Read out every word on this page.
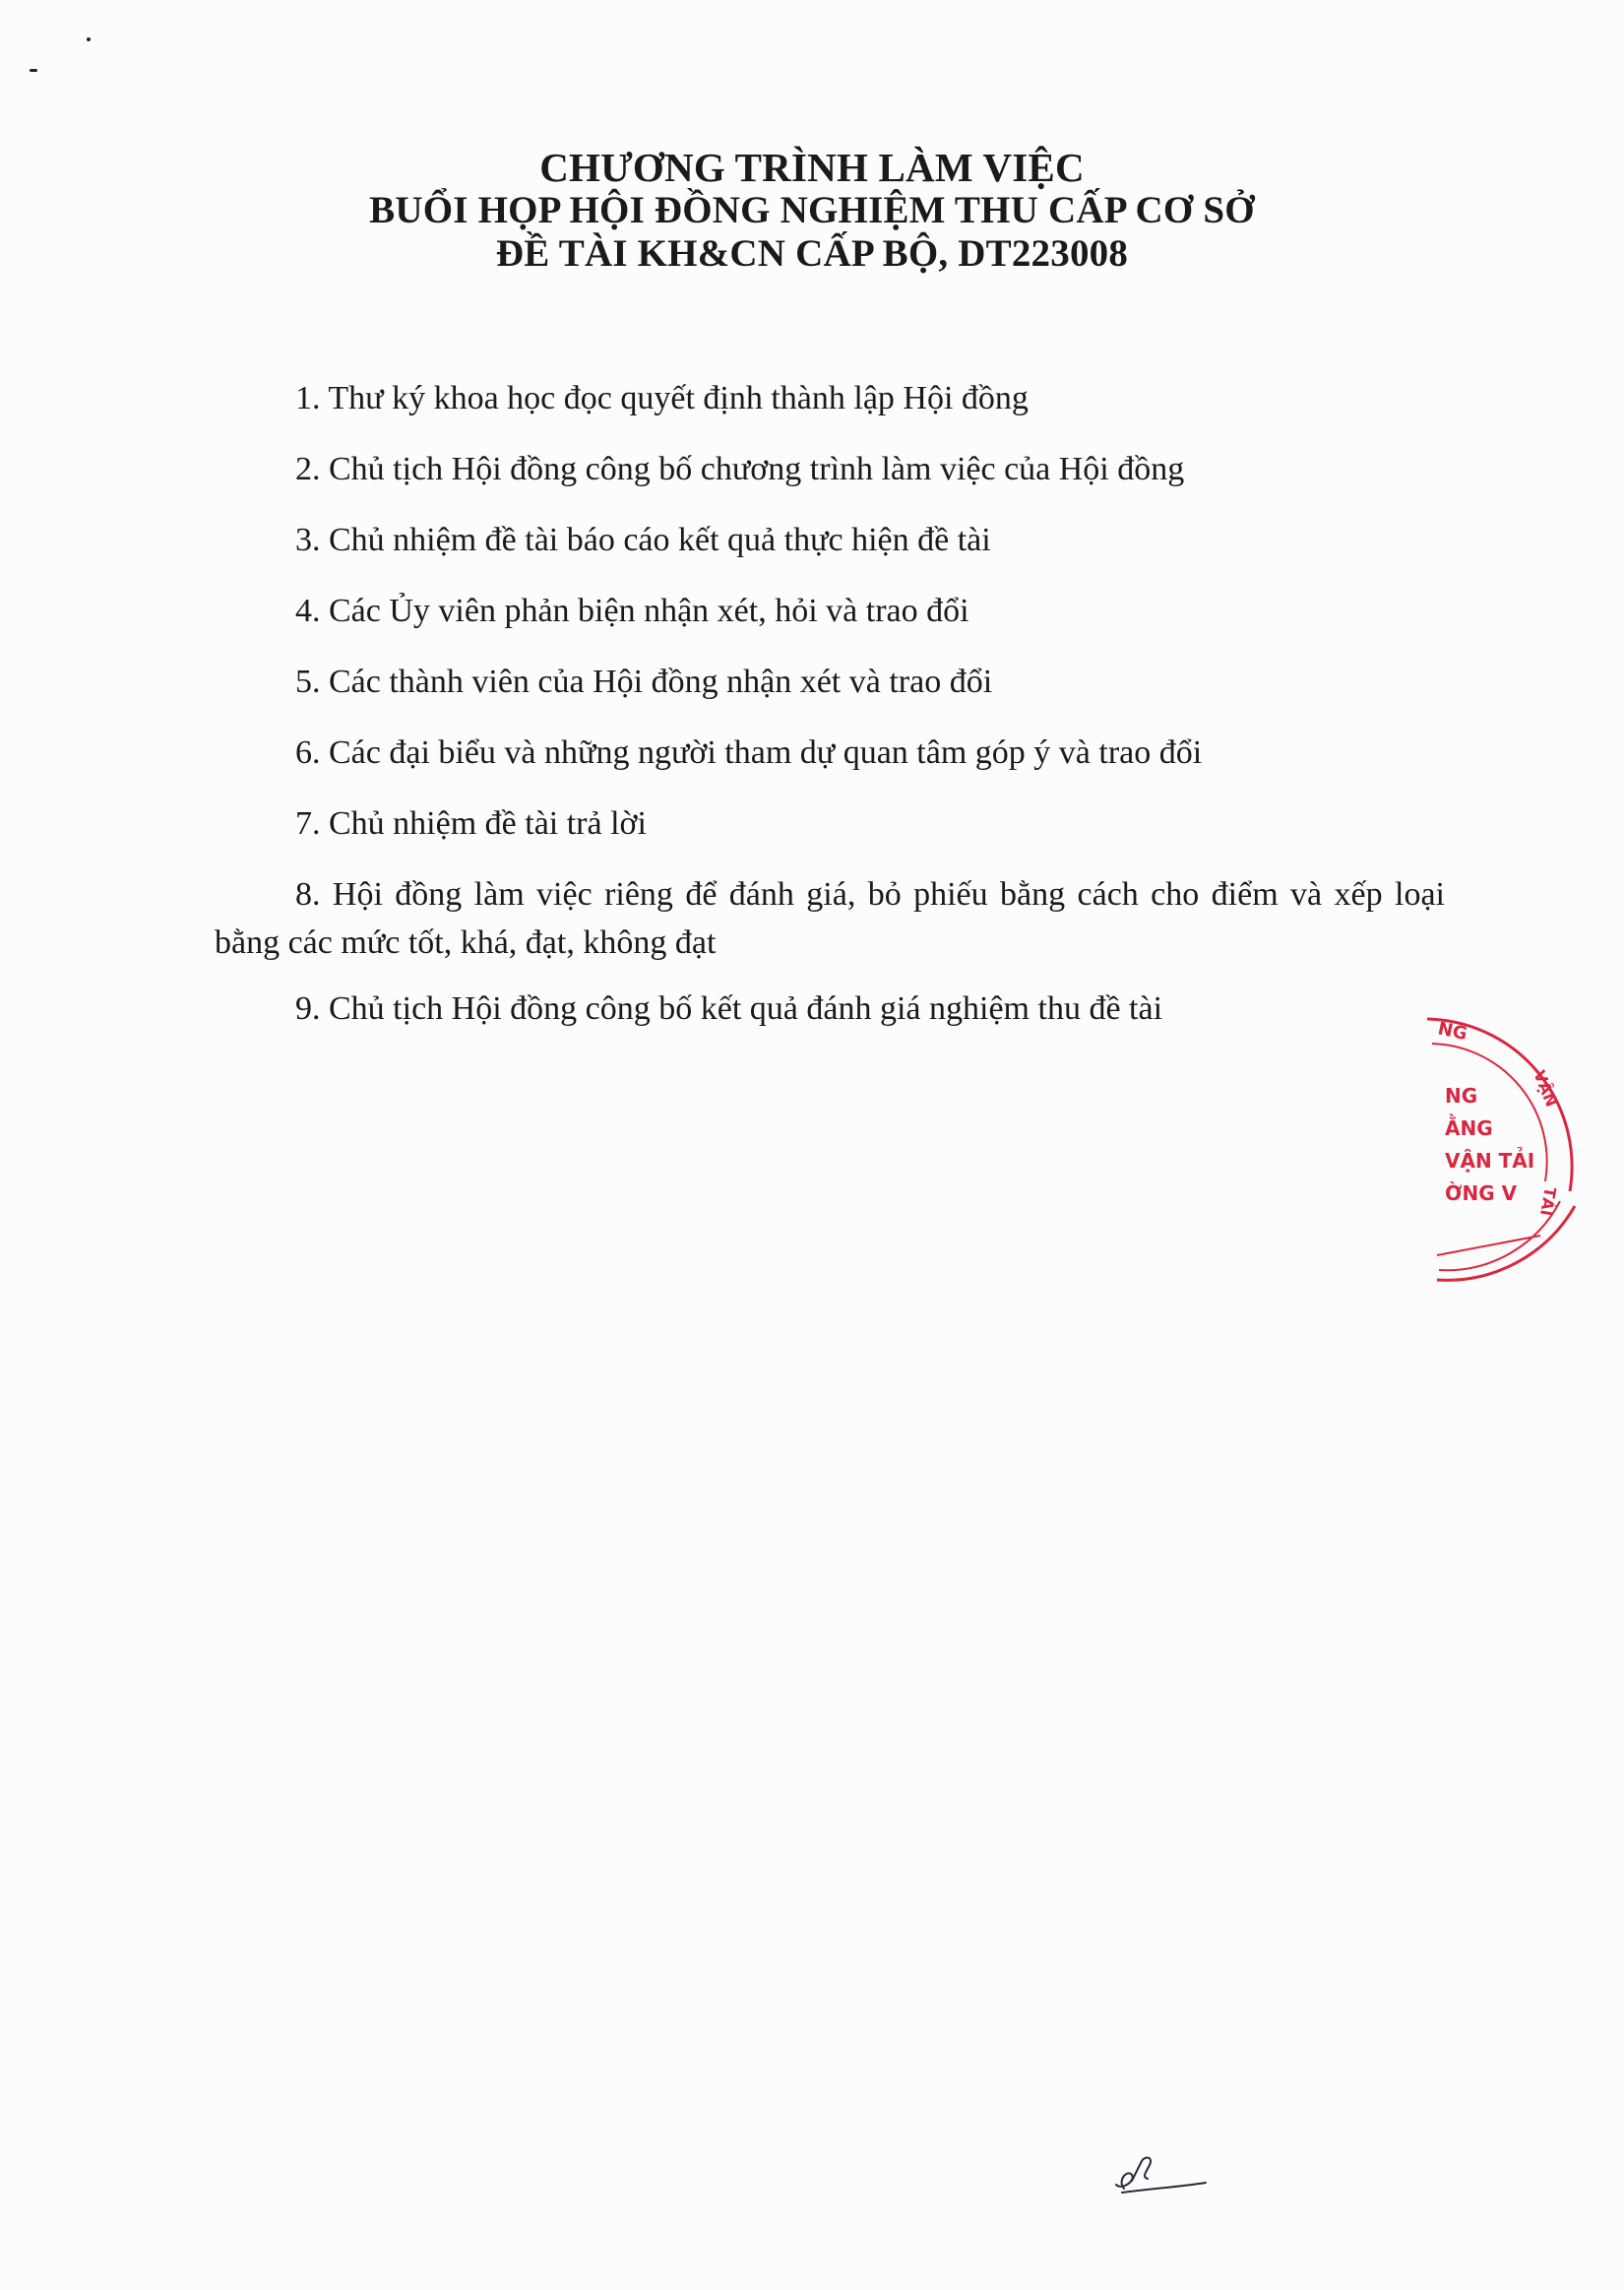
CHƯƠNG TRÌNH LÀM VIỆC

BUỔI HỌP HỘI ĐỒNG NGHIỆM THU CẤP CƠ SỞ

ĐỀ TÀI KH&CN CẤP BỘ, DT223008

1. Thư ký khoa học đọc quyết định thành lập Hội đồng
2. Chủ tịch Hội đồng công bố chương trình làm việc của Hội đồng
3. Chủ nhiệm đề tài báo cáo kết quả thực hiện đề tài
4. Các Ủy viên phản biện nhận xét, hỏi và trao đổi
5. Các thành viên của Hội đồng nhận xét và trao đổi
6. Các đại biểu và những người tham dự quan tâm góp ý và trao đổi
7. Chủ nhiệm đề tài trả lời
8. Hội đồng làm việc riêng để đánh giá, bỏ phiếu bằng cách cho điểm và xếp loại bằng các mức tốt, khá, đạt, không đạt
9. Chủ tịch Hội đồng công bố kết quả đánh giá nghiệm thu đề tài
NG
VẬN
TẢI
NG
ẰNG
VẬN TẢI
ỜNG V
